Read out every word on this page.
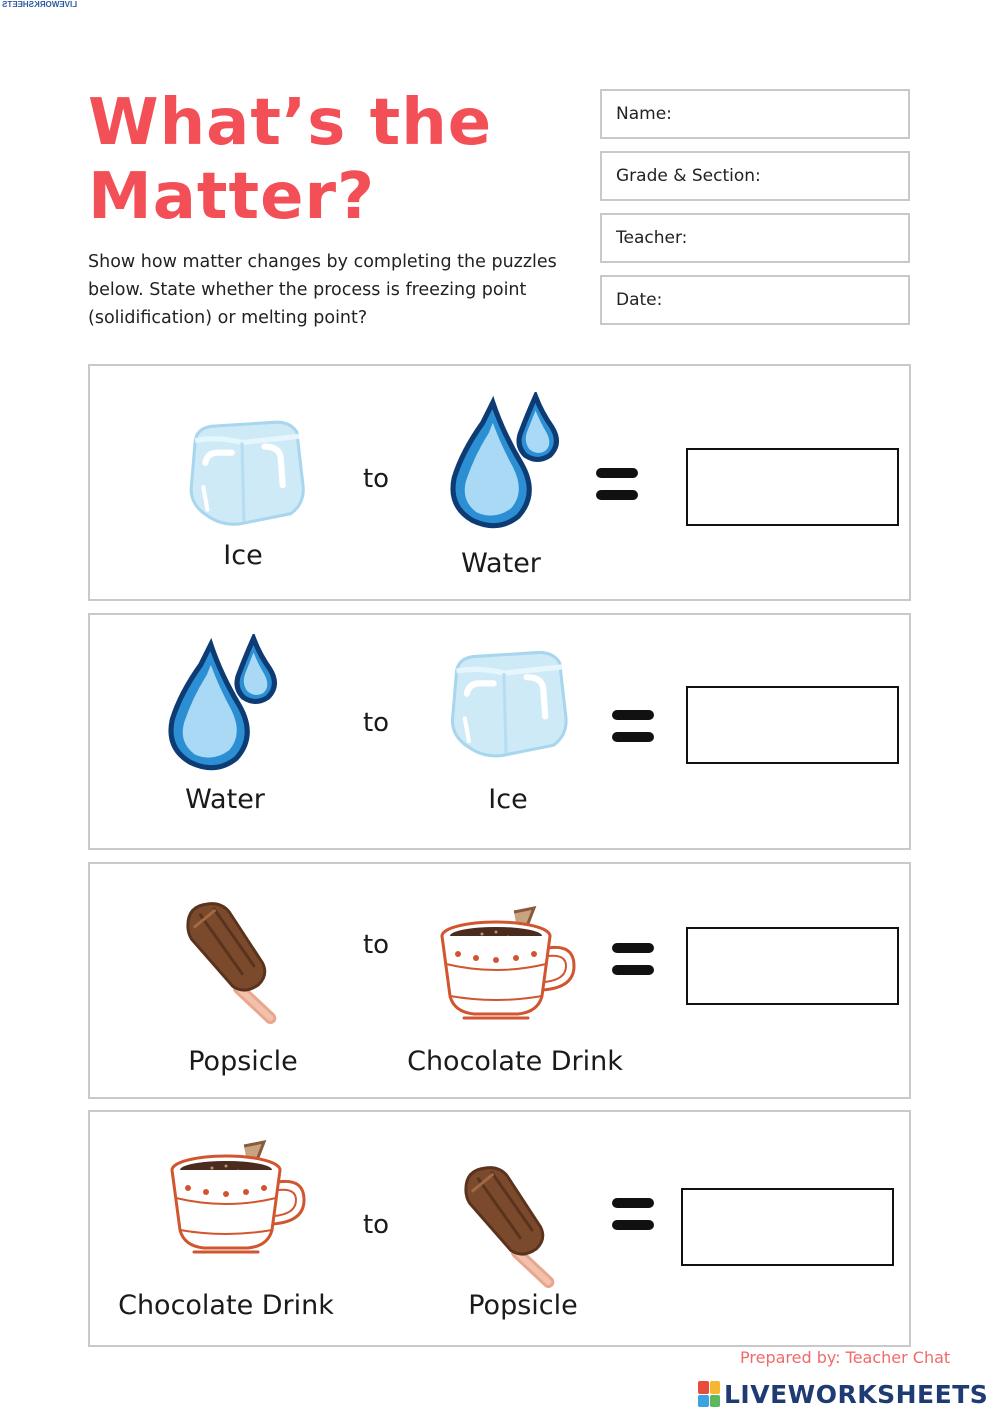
LIVEWORKSHEETS
What’s the
Matter?
Show how matter changes by completing the puzzles below. State whether the process is freezing point (solidification) or melting point?
Name:
Grade & Section:
Teacher:
Date:
Ice
to
Water
Water
to
Ice
Popsicle
to
Chocolate Drink
Chocolate Drink
to
Popsicle
Prepared by: Teacher Chat
LIVEWORKSHEETS
